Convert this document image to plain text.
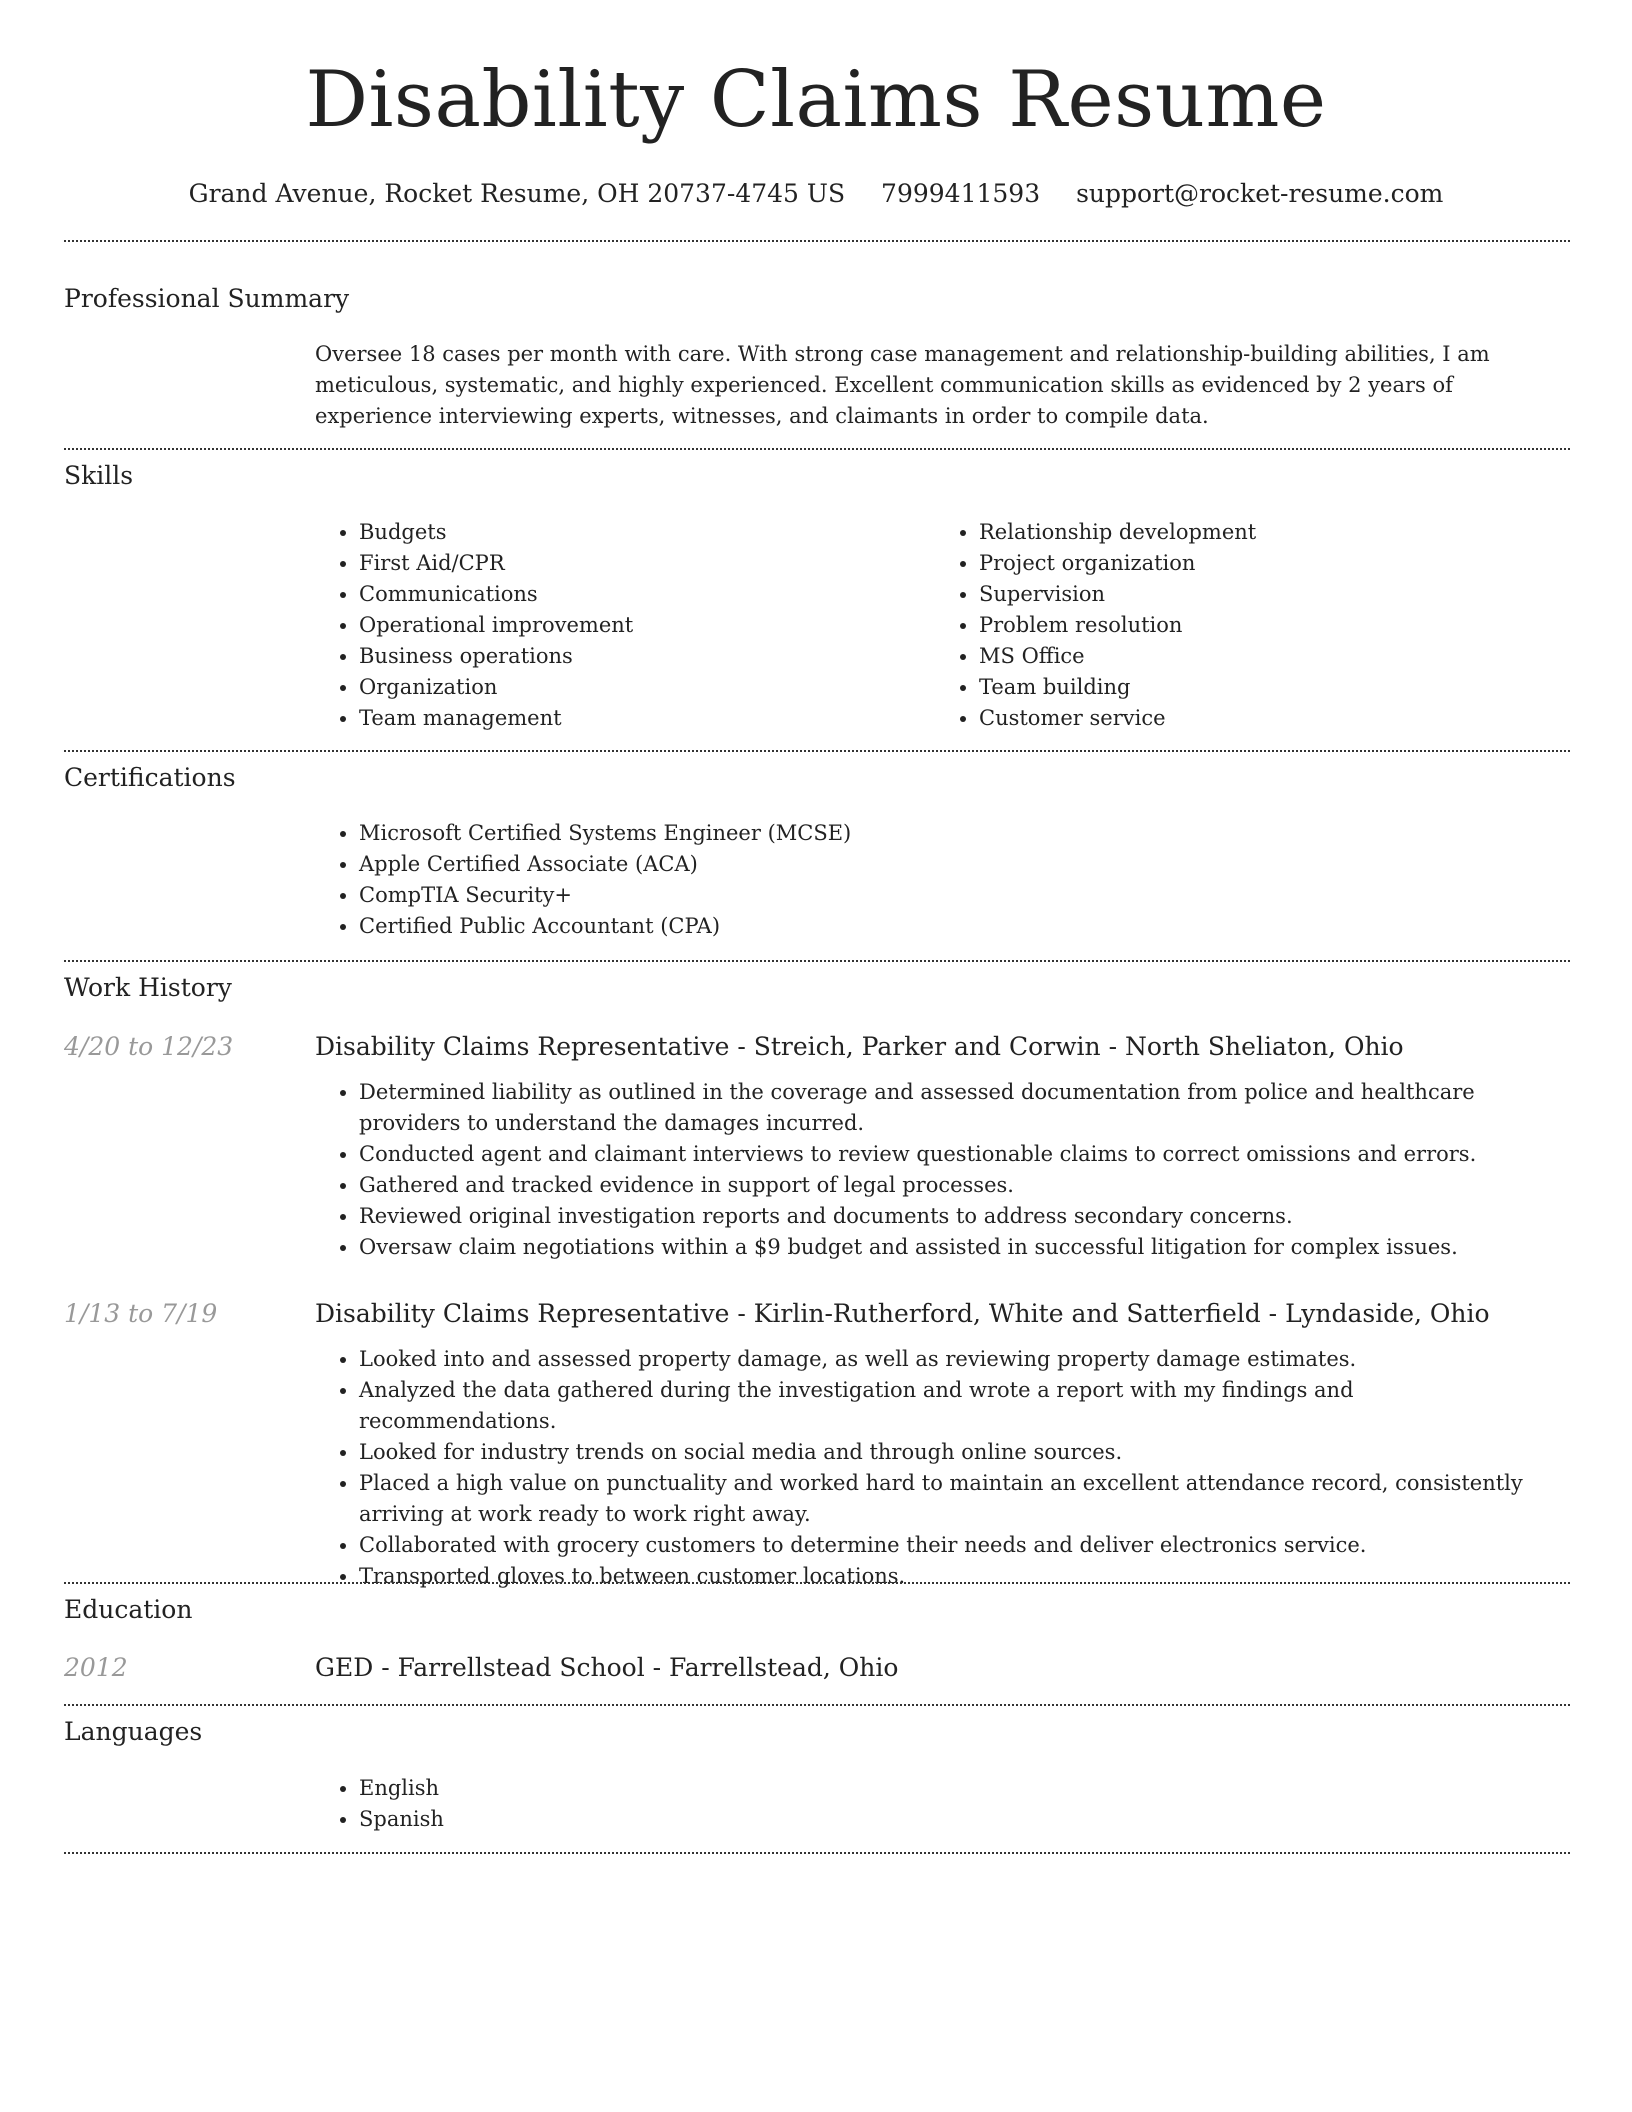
Disability Claims Resume
Grand Avenue, Rocket Resume, OH 20737-4745 US 7999411593 support@rocket-resume.com
Professional Summary

Oversee 18 cases per month with care. With strong case management and relationship-building abilities, I am meticulous, systematic, and highly experienced. Excellent communication skills as evidenced by 2 years of experience interviewing experts, witnesses, and claimants in order to compile data.

Skills
• Budgets
• First Aid/CPR
• Communications
• Operational improvement
• Business operations
• Organization
• Team management
• Relationship development
• Project organization
• Supervision
• Problem resolution
• MS Office
• Team building
• Customer service
Certifications
• Microsoft Certified Systems Engineer (MCSE)
• Apple Certified Associate (ACA)
• CompTIA Security+
• Certified Public Accountant (CPA)
Work History
4/20 to 12/23	Disability Claims Representative - Streich, Parker and Corwin - North Sheliaton, Ohio
• Determined liability as outlined in the coverage and assessed documentation from police and healthcare providers to understand the damages incurred.
• Conducted agent and claimant interviews to review questionable claims to correct omissions and errors.
• Gathered and tracked evidence in support of legal processes.
• Reviewed original investigation reports and documents to address secondary concerns.
• Oversaw claim negotiations within a $9 budget and assisted in successful litigation for complex issues.
1/13 to 7/19	Disability Claims Representative - Kirlin-Rutherford, White and Satterfield - Lyndaside, Ohio
• Looked into and assessed property damage, as well as reviewing property damage estimates.
• Analyzed the data gathered during the investigation and wrote a report with my findings and recommendations.
• Looked for industry trends on social media and through online sources.
• Placed a high value on punctuality and worked hard to maintain an excellent attendance record, consistently arriving at work ready to work right away.
• Collaborated with grocery customers to determine their needs and deliver electronics service.
• Transported gloves to between customer locations.
Education
2012	GED - Farrellstead School - Farrellstead, Ohio
Languages
• English
• Spanish
